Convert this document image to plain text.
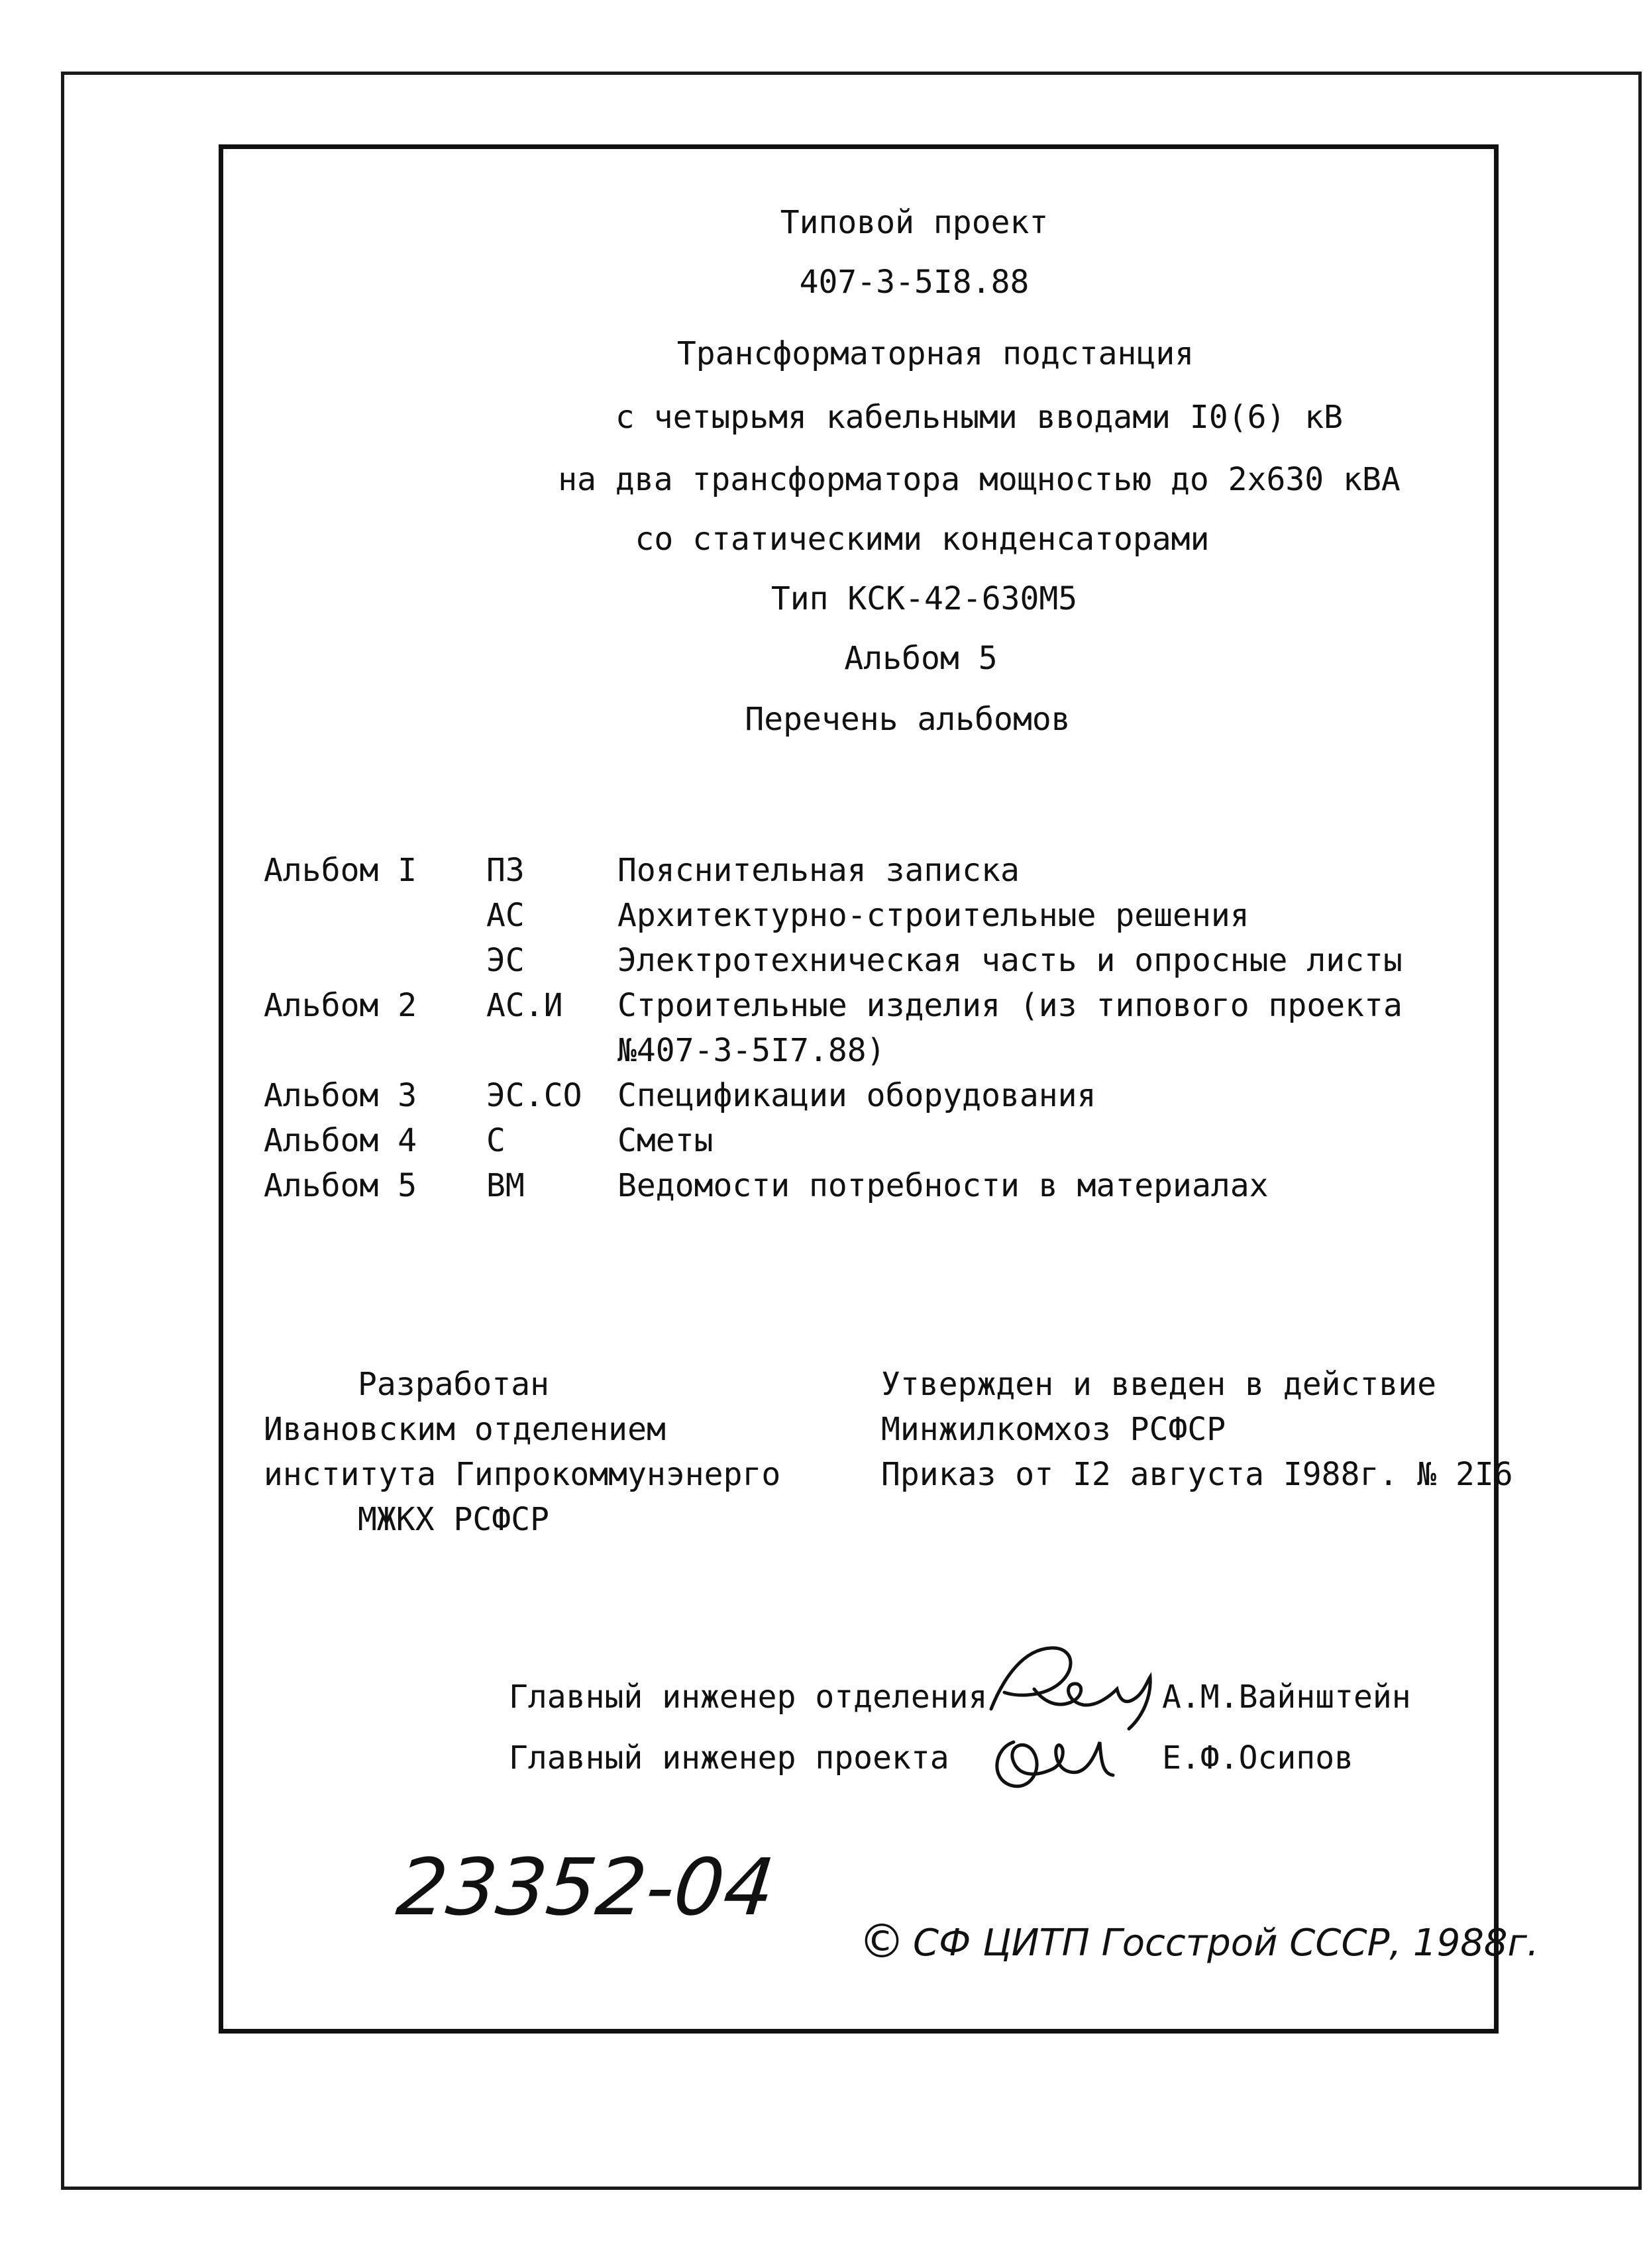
Типовой проект
407-3-5I8.88
Трансформаторная подстанция
с четырьмя кабельными вводами I0(6) кВ
на два трансформатора мощностью до 2х630 кВА
со статическими конденсаторами
Тип КСК-42-630М5
Альбом 5
Перечень альбомов
Альбом I ПЗ	Пояснительная записка
АС	Архитектурно-строительные решения
ЭС	Электротехническая часть и опросные листы
Альбом 2 АС.И Строительные изделия (из типового проекта
№407-3-5I7.88)
Альбом 3 ЭС.СО Спецификации оборудования
Альбом 4 С	Сметы
Альбом 5 ВМ	Ведомости потребности в материалах
Разработан
Ивановским отделением
института Гипрокоммунэнерго
МЖКХ РСФСР
Утвержден и введен в действие
Минжилкомхоз РСФСР
Приказ от I2 августа I988г. № 2I6
Главный инженер отделения	А.М.Вайнштейн
Главный инженер проекта	Е.Ф.Осипов
23352-04
© СФ ЦИТП Госстрой СССР, 1988г.
